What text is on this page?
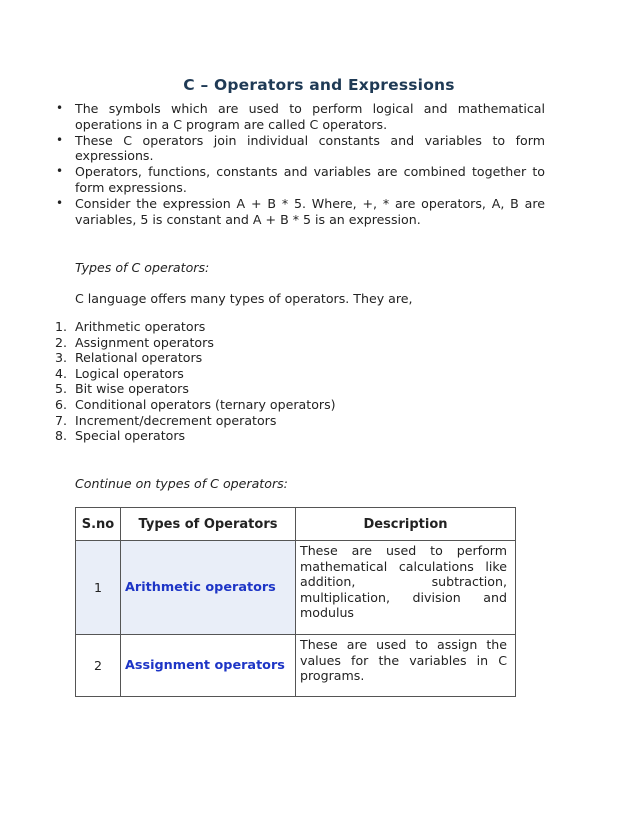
C – Operators and Expressions
• The symbols which are used to perform logical and mathematical operations in a C program are called C operators.
• These C operators join individual constants and variables to form expressions.
• Operators, functions, constants and variables are combined together to form expressions.
• Consider the expression A + B * 5. Where, +, * are operators, A, B are variables, 5 is constant and A + B * 5 is an expression.
Types of C operators:
C language offers many types of operators. They are,
1. Arithmetic operators
2. Assignment operators
3. Relational operators
4. Logical operators
5. Bit wise operators
6. Conditional operators (ternary operators)
7. Increment/decrement operators
8. Special operators
Continue on types of C operators:
S.no	Types of Operators	Description
1	Arithmetic operators	These are used to perform mathematical calculations like addition, subtraction, multiplication, division and modulus
2	Assignment operators	These are used to assign the values for the variables in C programs.
